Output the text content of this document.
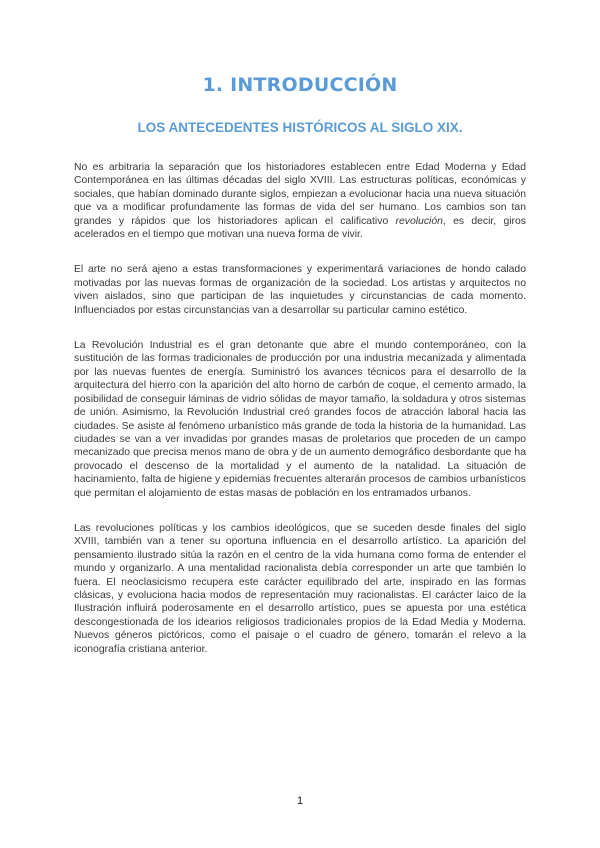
1. INTRODUCCIÓN
LOS ANTECEDENTES HISTÓRICOS AL SIGLO XIX.

No es arbitraria la separación que los historiadores establecen entre Edad Moderna y Edad Contemporánea en las últimas décadas del siglo XVIII. Las estructuras políticas, económicas y sociales, que habían dominado durante siglos, empiezan a evolucionar hacia una nueva situación que va a modificar profundamente las formas de vida del ser humano. Los cambios son tan grandes y rápidos que los historiadores aplican el calificativo revolución, es decir, giros acelerados en el tiempo que motivan una nueva forma de vivir.

El arte no será ajeno a estas transformaciones y experimentará variaciones de hondo calado motivadas por las nuevas formas de organización de la sociedad. Los artistas y arquitectos no viven aislados, sino que participan de las inquietudes y circunstancias de cada momento. Influenciados por estas circunstancias van a desarrollar su particular camino estético.

La Revolución Industrial es el gran detonante que abre el mundo contemporáneo, con la sustitución de las formas tradicionales de producción por una industria mecanizada y alimentada por las nuevas fuentes de energía. Suministró los avances técnicos para el desarrollo de la arquitectura del hierro con la aparición del alto horno de carbón de coque, el cemento armado, la posibilidad de conseguir láminas de vidrio sólidas de mayor tamaño, la soldadura y otros sistemas de unión. Asimismo, la Revolución Industrial creó grandes focos de atracción laboral hacia las ciudades. Se asiste al fenómeno urbanístico más grande de toda la historia de la humanidad. Las ciudades se van a ver invadidas por grandes masas de proletarios que proceden de un campo mecanizado que precisa menos mano de obra y de un aumento demográfico desbordante que ha provocado el descenso de la mortalidad y el aumento de la natalidad. La situación de hacinamiento, falta de higiene y epidemias frecuentes alterarán procesos de cambios urbanísticos que permitan el alojamiento de estas masas de población en los entramados urbanos.

Las revoluciones políticas y los cambios ideológicos, que se suceden desde finales del siglo XVIII, también van a tener su oportuna influencia en el desarrollo artístico. La aparición del pensamiento ilustrado sitúa la razón en el centro de la vida humana como forma de entender el mundo y organizarlo. A una mentalidad racionalista debía corresponder un arte que también lo fuera. El neoclasicismo recupera este carácter equilibrado del arte, inspirado en las formas clásicas, y evoluciona hacia modos de representación muy racionalistas. El carácter laico de la Ilustración influirá poderosamente en el desarrollo artístico, pues se apuesta por una estética descongestionada de los idearios religiosos tradicionales propios de la Edad Media y Moderna. Nuevos géneros pictóricos, como el paisaje o el cuadro de género, tomarán el relevo a la iconografía cristiana anterior.

1
